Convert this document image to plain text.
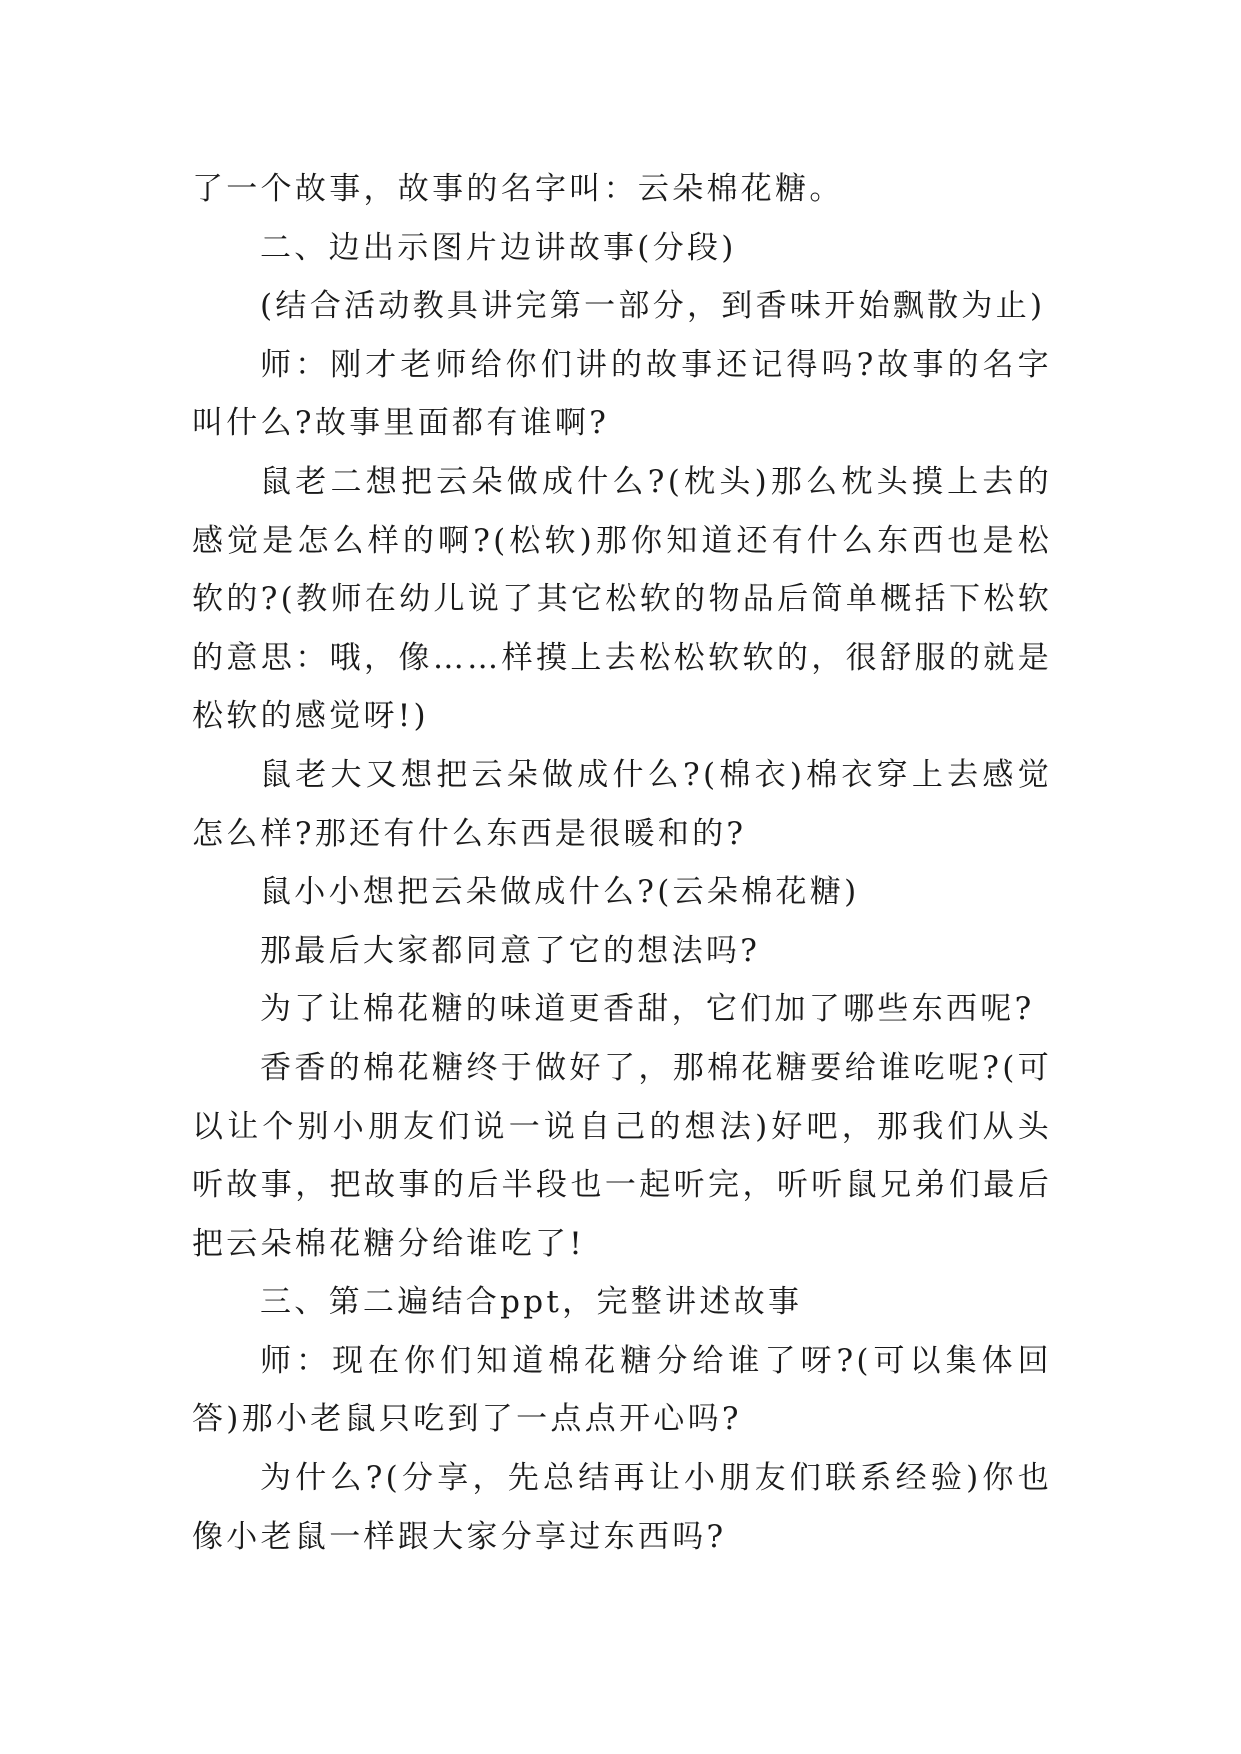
了一个故事，故事的名字叫：云朵棉花糖。

二、边出示图片边讲故事(分段)

(结合活动教具讲完第一部分，到香味开始飘散为止)

师：刚才老师给你们讲的故事还记得吗?故事的名字叫什么?故事里面都有谁啊?

鼠老二想把云朵做成什么?(枕头)那么枕头摸上去的感觉是怎么样的啊?(松软)那你知道还有什么东西也是松软的?(教师在幼儿说了其它松软的物品后简单概括下松软的意思：哦，像……样摸上去松松软软的，很舒服的就是松软的感觉呀!)

鼠老大又想把云朵做成什么?(棉衣)棉衣穿上去感觉怎么样?那还有什么东西是很暖和的?

鼠小小想把云朵做成什么?(云朵棉花糖)

那最后大家都同意了它的想法吗?

为了让棉花糖的味道更香甜，它们加了哪些东西呢?

香香的棉花糖终于做好了，那棉花糖要给谁吃呢?(可以让个别小朋友们说一说自己的想法)好吧，那我们从头听故事，把故事的后半段也一起听完，听听鼠兄弟们最后把云朵棉花糖分给谁吃了!

三、第二遍结合ppt，完整讲述故事

师：现在你们知道棉花糖分给谁了呀?(可以集体回答)那小老鼠只吃到了一点点开心吗?

为什么?(分享，先总结再让小朋友们联系经验)你也像小老鼠一样跟大家分享过东西吗?
